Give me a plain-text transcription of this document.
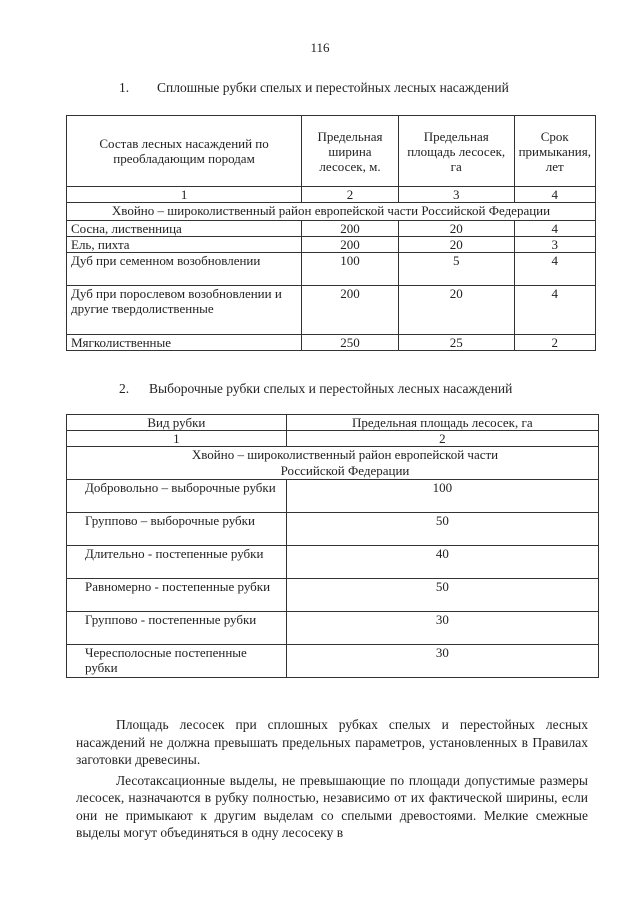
116
1. Сплошные рубки спелых и перестойных лесных насаждений
Состав лесных насаждений по преобладающим породам	Предельная ширина лесосек, м.	Предельная площадь лесосек, га	Срок примыкания, лет
1	2	3	4
Хвойно – широколиственный район европейской части Российской Федерации			
Сосна, лиственница	200	20	4
Ель, пихта	200	20	3
Дуб при семенном возобновлении	100	5	4
Дуб при порослевом возобновлении и другие твердолиственные	200	20	4
Мягколиственные	250	25	2
2. Выборочные рубки спелых и перестойных лесных насаждений
Вид рубки	Предельная площадь лесосек, га
1	2
Хвойно – широколиственный район европейской части Российской Федерации	
Добровольно – выборочные рубки	100
Группово – выборочные рубки	50
Длительно - постепенные рубки	40
Равномерно - постепенные рубки	50
Группово - постепенные рубки	30
Чересполосные постепенные рубки	30

Площадь лесосек при сплошных рубках спелых и перестойных лесных насаждений не должна превышать предельных параметров, установленных в Правилах заготовки древесины.

Лесотаксационные выделы, не превышающие по площади допустимые размеры лесосек, назначаются в рубку полностью, независимо от их фактической ширины, если они не примыкают к другим выделам со спелыми древостоями. Мелкие смежные выделы могут объединяться в одну лесосеку в
